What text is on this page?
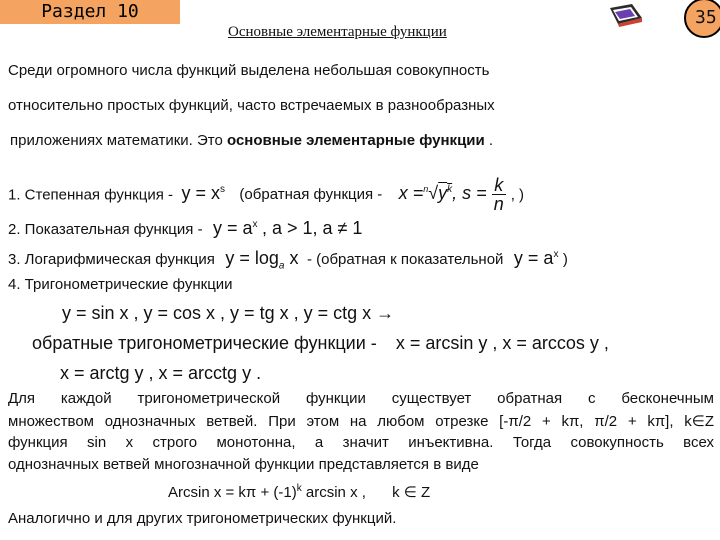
Раздел 10	35
Основные элементарные функции
Среди огромного числа функций выделена небольшая совокупность
относительно простых функций, часто встречаемых в разнообразных
приложениях математики. Это основные элементарные функции .
1. Степенная функция - $y = x^s$ (обратная функция - $x =^n√y^k$, $s = \frac{k}{n}$ , )
2. Показательная функция - $y = a^x$ , a > 1, a ≠ 1
3. Логарифмическая функция $y = \log_a x$ - (обратная к показательной $y = a^x$ )
4. Тригонометрические функции
y = sin x , y = cos x , y = tg x , y = ctg x →
обратные тригонометрические функции - x = arcsin y , x = arccos y ,
x = arctg y , x = arcctg y .
Для каждой тригонометрической функции существует обратная с бесконечным
множеством однозначных ветвей. При этом на любом отрезке [-π/2 + kπ, π/2 + kπ], k∈Z
функция sin x строго монотонна, а значит инъективна. Тогда совокупность всех
однозначных ветвей многозначной функции представляется в виде
Arcsin $x = k\pi + (-1)^k$ arcsin x , k ∈ Z
Аналогично и для других тригонометрических функций.
